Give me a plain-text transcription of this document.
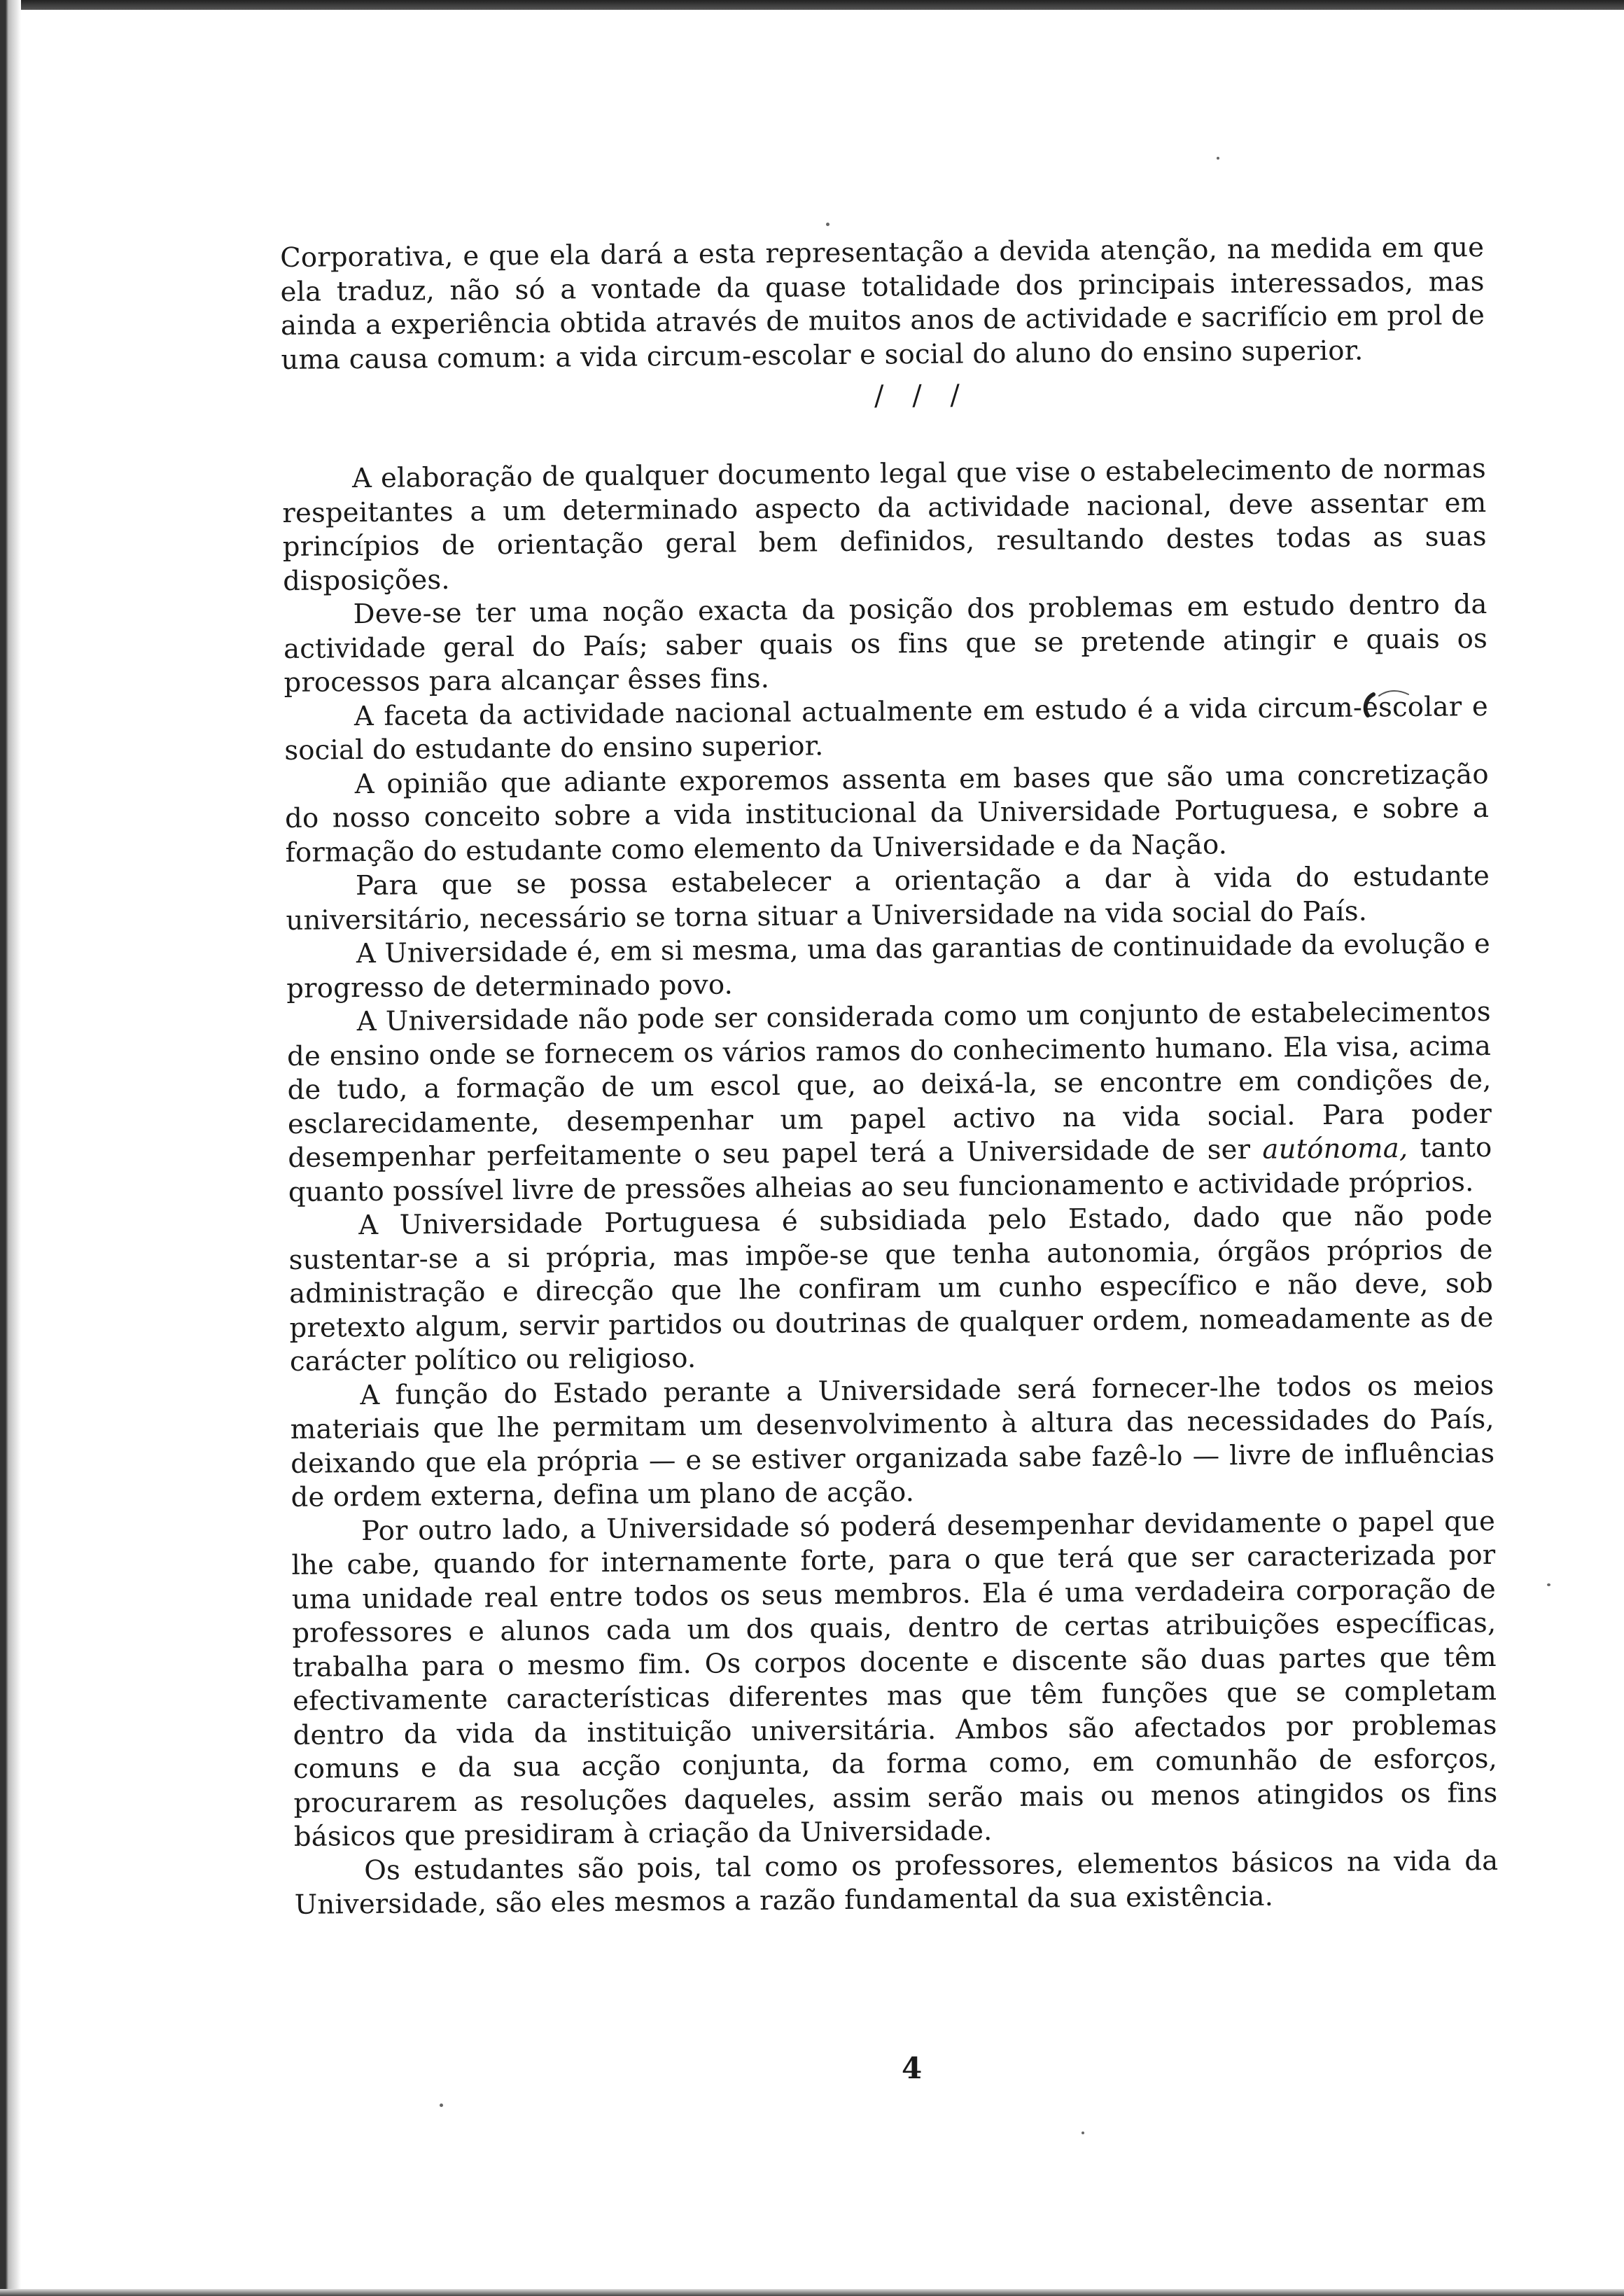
Corporativa, e que ela dará a esta representação a devida atenção, na medida em que ela traduz, não só a vontade da quase totalidade dos principais interessados, mas ainda a experiência obtida através de muitos anos de actividade e sacrifício em prol de uma causa comum: a vida circum-escolar e social do aluno do ensino superior.

/ / /

A elaboração de qualquer documento legal que vise o estabelecimento de normas respeitantes a um determinado aspecto da actividade nacional, deve assentar em princípios de orientação geral bem definidos, resultando destes todas as suas disposições.

Deve-se ter uma noção exacta da posição dos problemas em estudo dentro da actividade geral do País; saber quais os fins que se pretende atingir e quais os processos para alcançar êsses fins.

A faceta da actividade nacional actualmente em estudo é a vida circum-escolar e social do estudante do ensino superior.

A opinião que adiante exporemos assenta em bases que são uma concretização do nosso conceito sobre a vida institucional da Universidade Portuguesa, e sobre a formação do estudante como elemento da Universidade e da Nação.

Para que se possa estabelecer a orientação a dar à vida do estudante universitário, necessário se torna situar a Universidade na vida social do País.

A Universidade é, em si mesma, uma das garantias de continuidade da evolução e progresso de determinado povo.

A Universidade não pode ser considerada como um conjunto de estabelecimentos de ensino onde se fornecem os vários ramos do conhecimento humano. Ela visa, acima de tudo, a formação de um escol que, ao deixá-la, se encontre em condições de, esclarecidamente, desempenhar um papel activo na vida social. Para poder desempenhar perfeitamente o seu papel terá a Universidade de ser autónoma, tanto quanto possível livre de pressões alheias ao seu funcionamento e actividade próprios.

A Universidade Portuguesa é subsidiada pelo Estado, dado que não pode sustentar-se a si própria, mas impõe-se que tenha autonomia, órgãos próprios de administração e direcção que lhe confiram um cunho específico e não deve, sob pretexto algum, servir partidos ou doutrinas de qualquer ordem, nomeadamente as de carácter político ou religioso.

A função do Estado perante a Universidade será fornecer-lhe todos os meios materiais que lhe permitam um desenvolvimento à altura das necessidades do País, deixando que ela própria — e se estiver organizada sabe fazê-lo — livre de influências de ordem externa, defina um plano de acção.

Por outro lado, a Universidade só poderá desempenhar devidamente o papel que lhe cabe, quando for internamente forte, para o que terá que ser caracterizada por uma unidade real entre todos os seus membros. Ela é uma verdadeira corporação de professores e alunos cada um dos quais, dentro de certas atribuições específicas, trabalha para o mesmo fim. Os corpos docente e discente são duas partes que têm efectivamente características diferentes mas que têm funções que se completam dentro da vida da instituição universitária. Ambos são afectados por problemas comuns e da sua acção conjunta, da forma como, em comunhão de esforços, procurarem as resoluções daqueles, assim serão mais ou menos atingidos os fins básicos que presidiram à criação da Universidade.

Os estudantes são pois, tal como os professores, elementos básicos na vida da Universidade, são eles mesmos a razão fundamental da sua existência.

4
